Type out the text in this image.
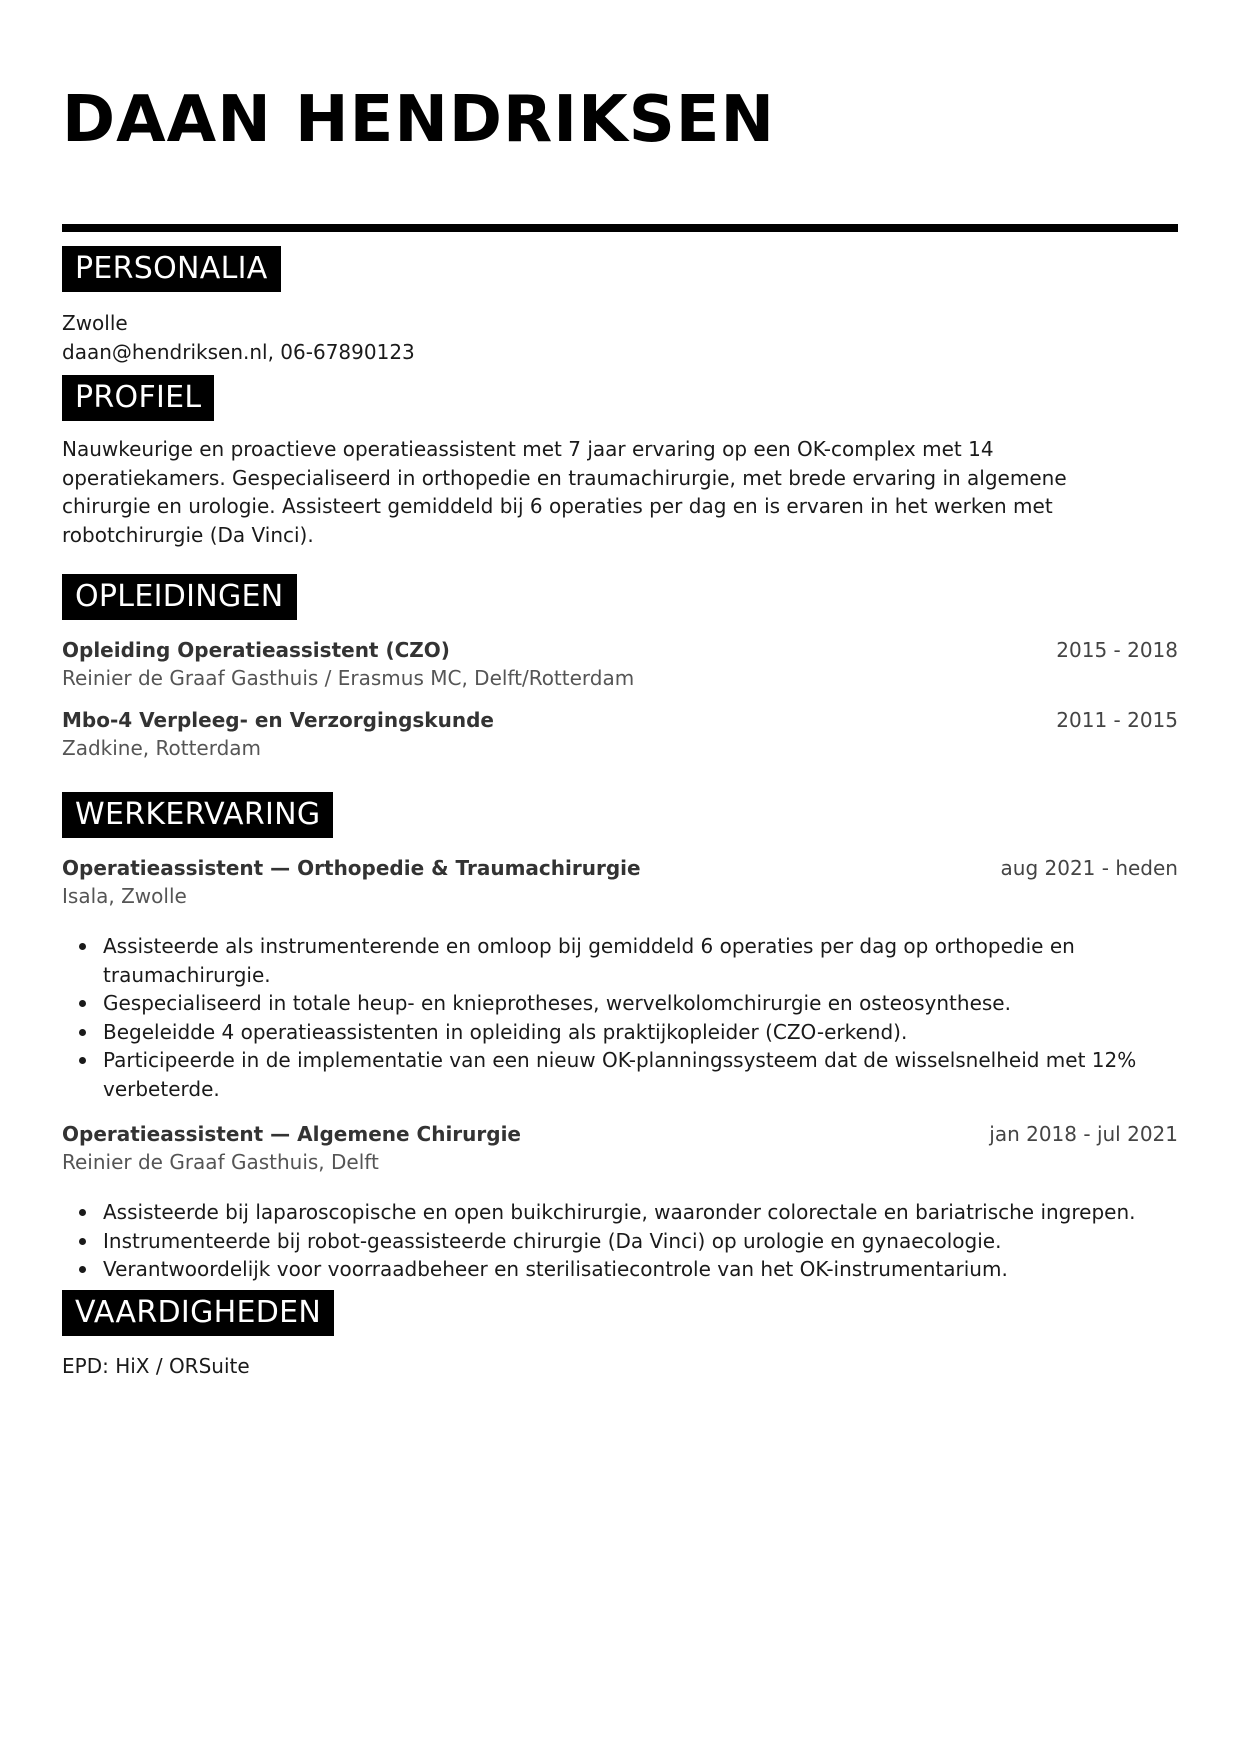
DAAN HENDRIKSEN
PERSONALIA
Zwolle
daan@hendriksen.nl, 06-67890123
PROFIEL
Nauwkeurige en proactieve operatieassistent met 7 jaar ervaring op een OK-complex met 14 operatiekamers. Gespecialiseerd in orthopedie en traumachirurgie, met brede ervaring in algemene chirurgie en urologie. Assisteert gemiddeld bij 6 operaties per dag en is ervaren in het werken met robotchirurgie (Da Vinci).
OPLEIDINGEN
Opleiding Operatieassistent (CZO)	2015 - 2018
Reinier de Graaf Gasthuis / Erasmus MC, Delft/Rotterdam
Mbo-4 Verpleeg- en Verzorgingskunde	2011 - 2015
Zadkine, Rotterdam
WERKERVARING
Operatieassistent — Orthopedie & Traumachirurgie	aug 2021 - heden
Isala, Zwolle
Assisteerde als instrumenterende en omloop bij gemiddeld 6 operaties per dag op orthopedie en traumachirurgie.
Gespecialiseerd in totale heup- en knieprotheses, wervelkolomchirurgie en osteosynthese.
Begeleidde 4 operatieassistenten in opleiding als praktijkopleider (CZO-erkend).
Participeerde in de implementatie van een nieuw OK-planningssysteem dat de wisselsnelheid met 12% verbeterde.
Operatieassistent — Algemene Chirurgie	jan 2018 - jul 2021
Reinier de Graaf Gasthuis, Delft
Assisteerde bij laparoscopische en open buikchirurgie, waaronder colorectale en bariatrische ingrepen.
Instrumenteerde bij robot-geassisteerde chirurgie (Da Vinci) op urologie en gynaecologie.
Verantwoordelijk voor voorraadbeheer en sterilisatiecontrole van het OK-instrumentarium.
VAARDIGHEDEN
EPD: HiX / ORSuite
